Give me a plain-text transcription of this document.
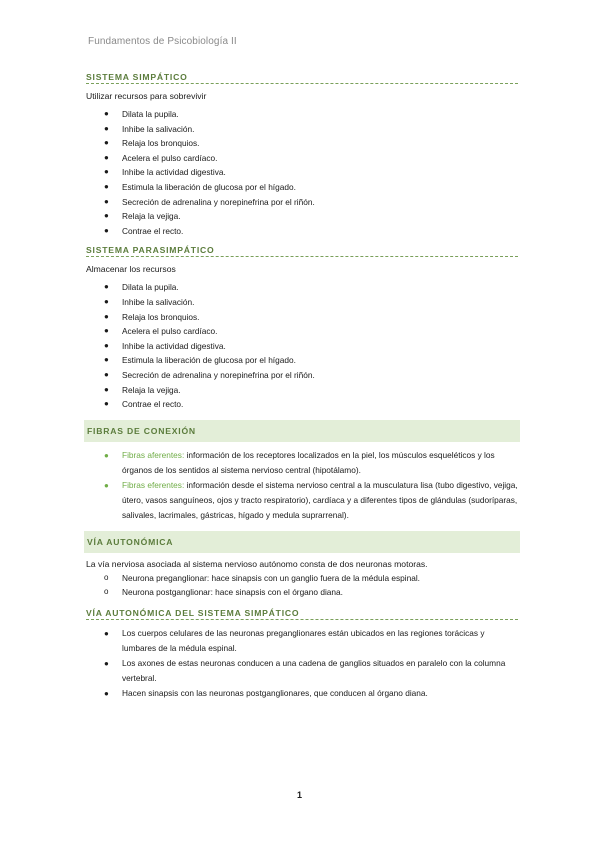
Fundamentos de Psicobiología II
SISTEMA SIMPÁTICO
Utilizar recursos para sobrevivir
● Dilata la pupila.
● Inhibe la salivación.
● Relaja los bronquios.
● Acelera el pulso cardíaco.
● Inhibe la actividad digestiva.
● Estimula la liberación de glucosa por el hígado.
● Secreción de adrenalina y norepinefrina por el riñón.
● Relaja la vejiga.
● Contrae el recto.
SISTEMA PARASIMPÁTICO
Almacenar los recursos
● Dilata la pupila.
● Inhibe la salivación.
● Relaja los bronquios.
● Acelera el pulso cardíaco.
● Inhibe la actividad digestiva.
● Estimula la liberación de glucosa por el hígado.
● Secreción de adrenalina y norepinefrina por el riñón.
● Relaja la vejiga.
● Contrae el recto.
FIBRAS DE CONEXIÓN
● Fibras aferentes: información de los receptores localizados en la piel, los músculos esqueléticos y los órganos de los sentidos al sistema nervioso central (hipotálamo).
● Fibras eferentes: información desde el sistema nervioso central a la musculatura lisa (tubo digestivo, vejiga, útero, vasos sanguíneos, ojos y tracto respiratorio), cardíaca y a diferentes tipos de glándulas (sudoríparas, salivales, lacrimales, gástricas, hígado y medula suprarrenal).
VÍA AUTONÓMICA
La vía nerviosa asociada al sistema nervioso autónomo consta de dos neuronas motoras.
o Neurona preganglionar: hace sinapsis con un ganglio fuera de la médula espinal.
o Neurona postganglionar: hace sinapsis con el órgano diana.
VÍA AUTONÓMICA DEL SISTEMA SIMPÁTICO
● Los cuerpos celulares de las neuronas preganglionares están ubicados en las regiones torácicas y lumbares de la médula espinal.
● Los axones de estas neuronas conducen a una cadena de ganglios situados en paralelo con la columna vertebral.
● Hacen sinapsis con las neuronas postganglionares, que conducen al órgano diana.
1
